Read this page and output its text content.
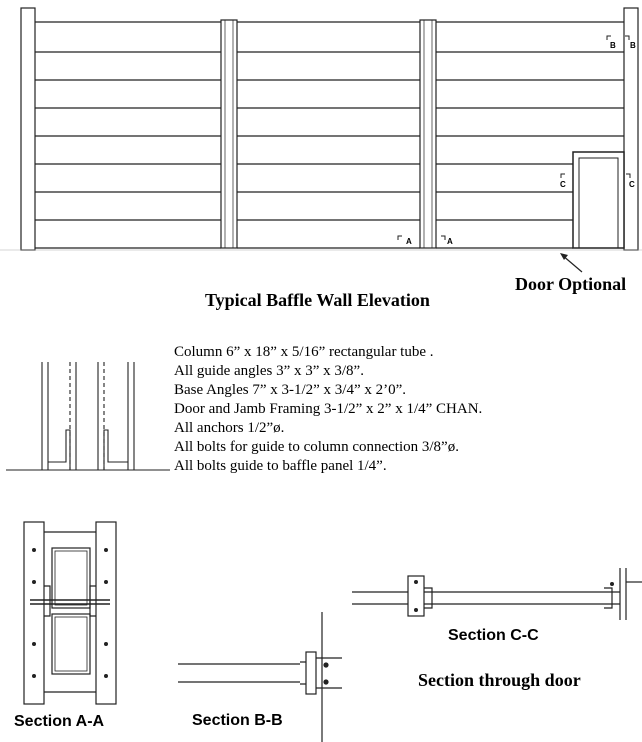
A	A
B B
C	C
Door Optional
Typical Baffle Wall Elevation
Column 6” x 18” x 5/16” rectangular tube .
All guide angles 3” x 3” x 3/8”.
Base Angles 7” x 3-1/2” x 3/4” x 2’0”.
Door and Jamb Framing 3-1/2” x 2” x 1/4” CHAN.
All anchors 1/2”ø.
All bolts for guide to column connection 3/8”ø.
All bolts guide to baffle panel 1/4”.
Section A-A	Section B-B
Section C-C
Section through door
